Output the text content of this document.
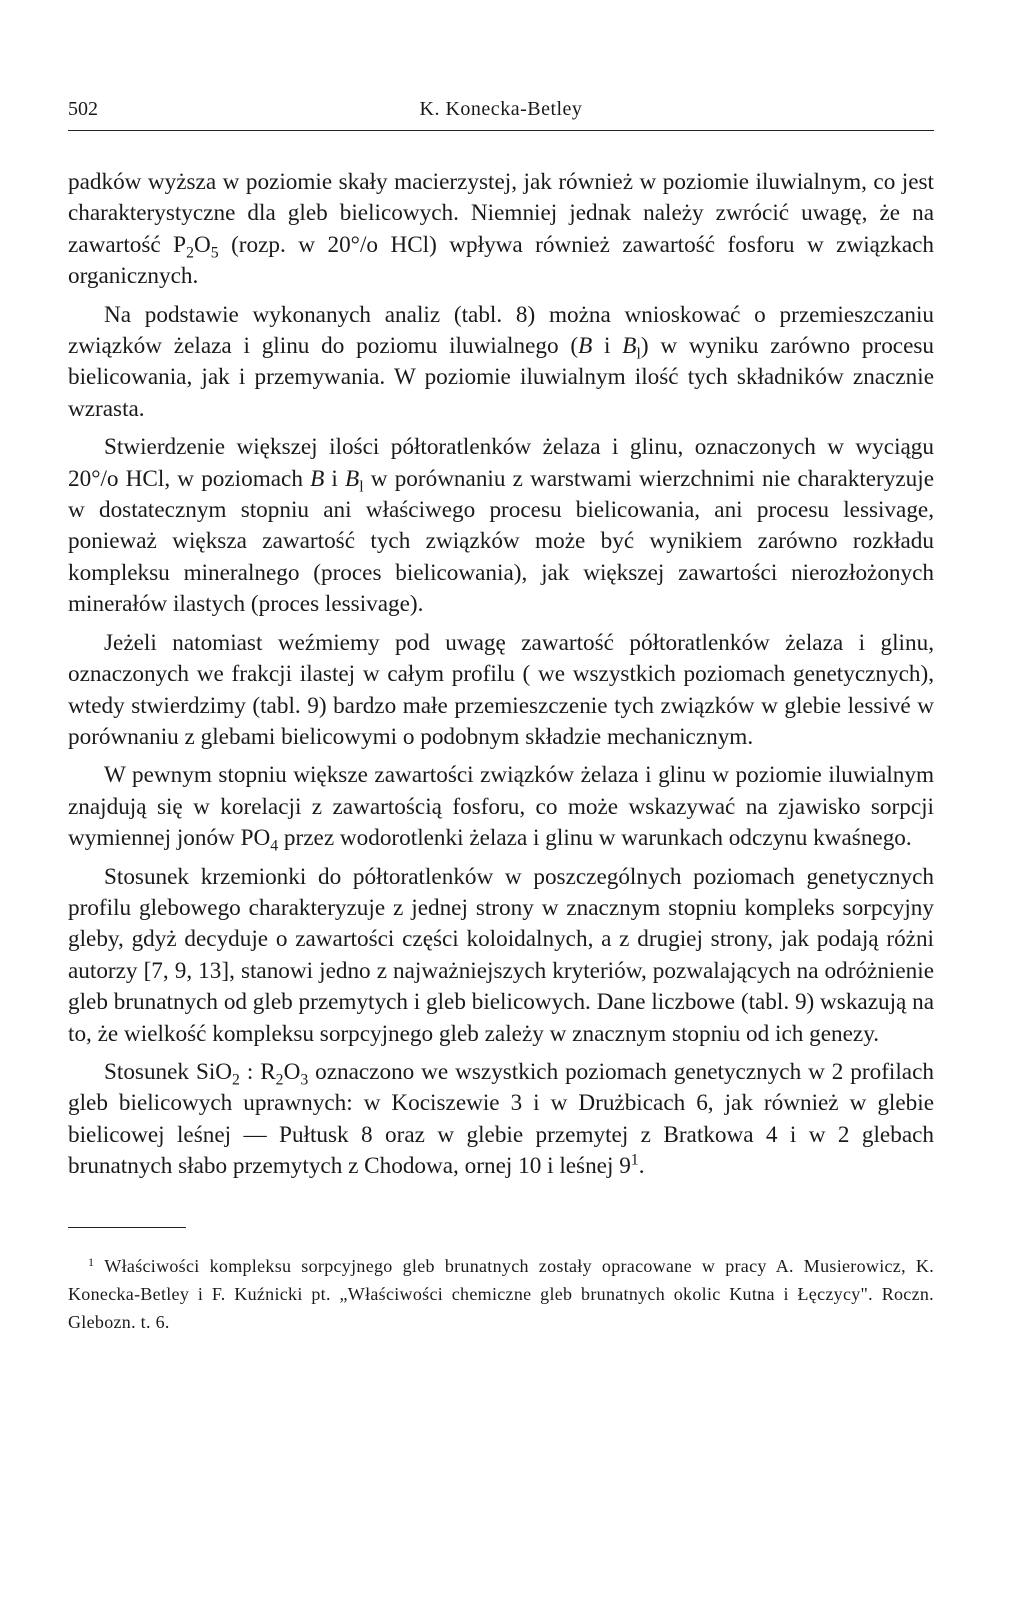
502	K. Konecka-Betley

padków wyższa w poziomie skały macierzystej, jak również w poziomie iluwialnym, co jest charakterystyczne dla gleb bielicowych. Niemniej jednak należy zwrócić uwagę, że na zawartość $P_2O_5$ (rozp. w 20°/o HCl) wpływa również zawartość fosforu w związkach organicznych.

Na podstawie wykonanych analiz (tabl. 8) można wnioskować o przemieszczaniu związków żelaza i glinu do poziomu iluwialnego (B i $B_l$) w wyniku zarówno procesu bielicowania, jak i przemywania. W poziomie iluwialnym ilość tych składników znacznie wzrasta.

Stwierdzenie większej ilości półtoratlenków żelaza i glinu, oznaczonych w wyciągu 20°/o HCl, w poziomach B i $B_l$ w porównaniu z warstwami wierzchnimi nie charakteryzuje w dostatecznym stopniu ani właściwego procesu bielicowania, ani procesu lessivage, ponieważ większa zawartość tych związków może być wynikiem zarówno rozkładu kompleksu mineralnego (proces bielicowania), jak większej zawartości nierozłożonych minerałów ilastych (proces lessivage).

Jeżeli natomiast weźmiemy pod uwagę zawartość półtoratlenków żelaza i glinu, oznaczonych we frakcji ilastej w całym profilu ( we wszystkich poziomach genetycznych), wtedy stwierdzimy (tabl. 9) bardzo małe przemieszczenie tych związków w glebie lessivé w porównaniu z glebami bielicowymi o podobnym składzie mechanicznym.

W pewnym stopniu większe zawartości związków żelaza i glinu w poziomie iluwialnym znajdują się w korelacji z zawartością fosforu, co może wskazywać na zjawisko sorpcji wymiennej jonów $PO_4$ przez wodorotlenki żelaza i glinu w warunkach odczynu kwaśnego.

Stosunek krzemionki do półtoratlenków w poszczególnych poziomach genetycznych profilu glebowego charakteryzuje z jednej strony w znacznym stopniu kompleks sorpcyjny gleby, gdyż decyduje o zawartości części koloidalnych, a z drugiej strony, jak podają różni autorzy [7, 9, 13], stanowi jedno z najważniejszych kryteriów, pozwalających na odróżnienie gleb brunatnych od gleb przemytych i gleb bielicowych. Dane liczbowe (tabl. 9) wskazują na to, że wielkość kompleksu sorpcyjnego gleb zależy w znacznym stopniu od ich genezy.

Stosunek SiO$_2$ : $R_2O_3$ oznaczono we wszystkich poziomach genetycznych w 2 profilach gleb bielicowych uprawnych: w Kociszewie 3 i w Drużbicach 6, jak również w glebie bielicowej leśnej — Pułtusk 8 oraz w glebie przemytej z Bratkowa 4 i w 2 glebach brunatnych słabo przemytych z Chodowa, ornej 10 i leśnej $9^1$.

$^1$ Właściwości kompleksu sorpcyjnego gleb brunatnych zostały opracowane w pracy A. Musierowicz, K. Konecka-Betley i F. Kuźnicki pt. „Właściwości chemiczne gleb brunatnych okolic Kutna i Łęczycy". Roczn. Glebozn. t. 6.
